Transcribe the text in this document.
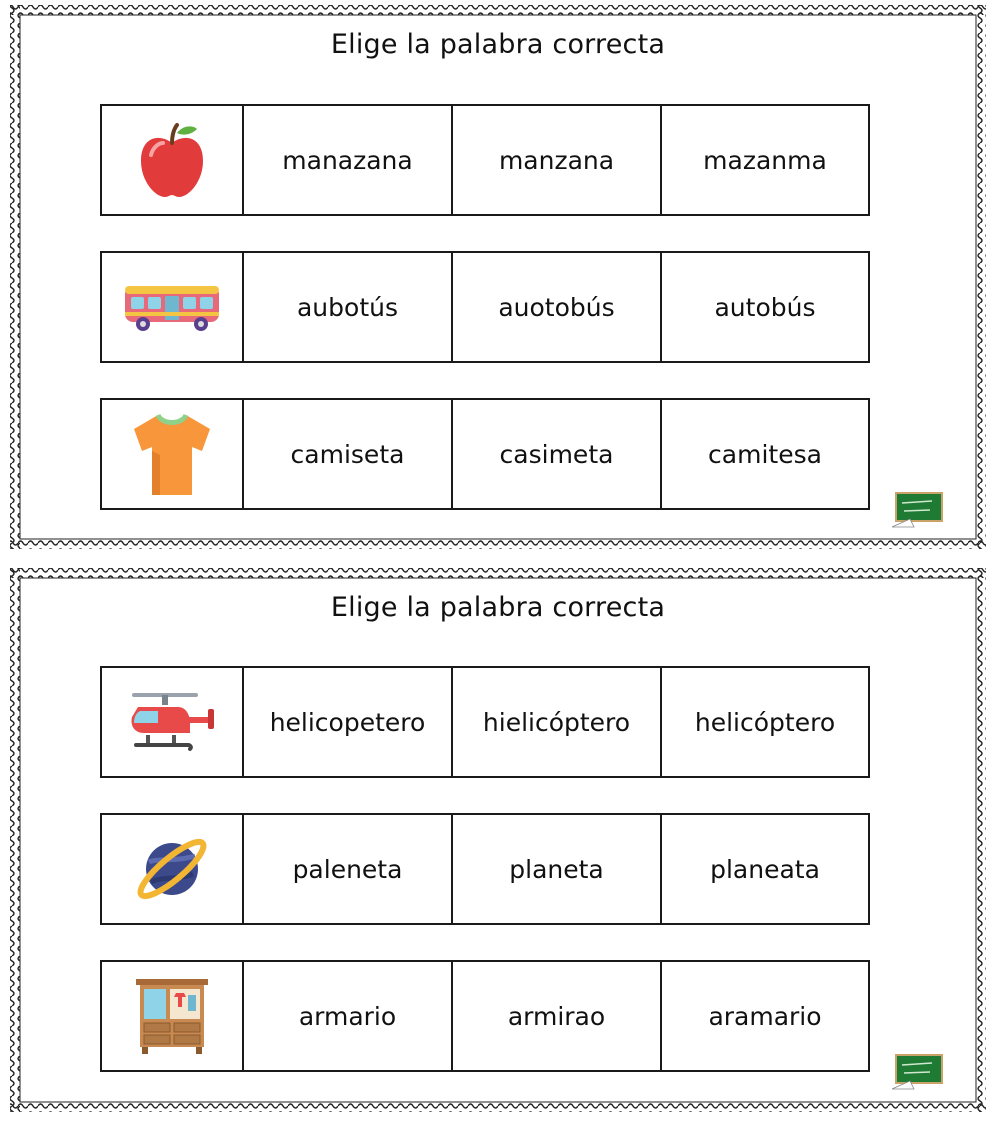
Elige la palabra correcta
manazana	manzana	mazanma
aubotús	auotobús	autobús
camiseta	casimeta	camitesa
Elige la palabra correcta
helicopetero	hielicóptero	helicóptero
paleneta	planeta	planeata
armario	armirao	aramario
